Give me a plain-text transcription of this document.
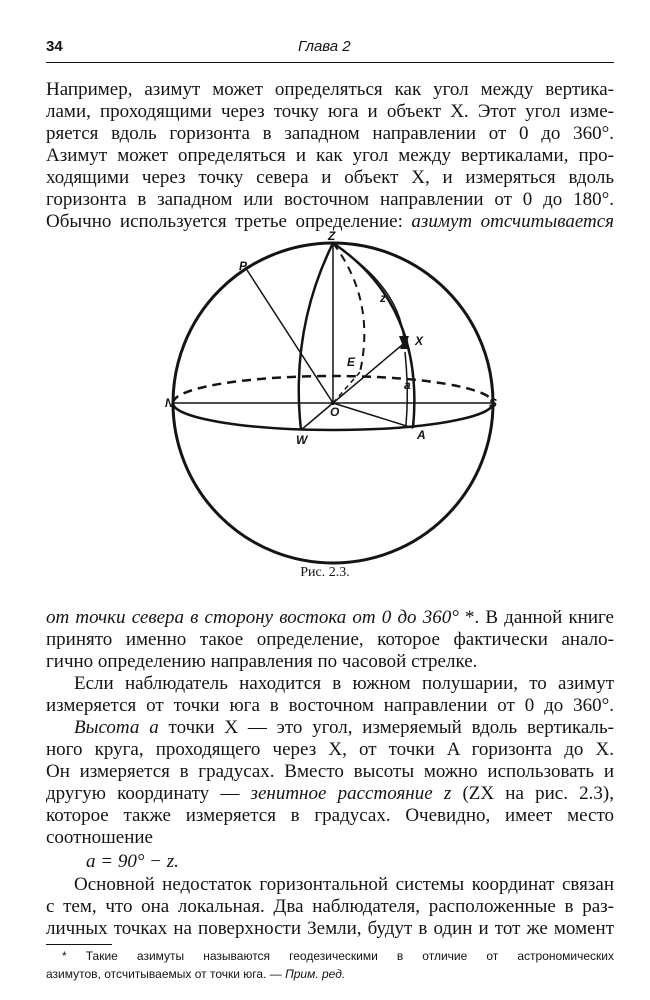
34	Глава 2
Например, азимут может определяться как угол между вертика-
лами, проходящими через точку юга и объект X. Этот угол изме-
ряется вдоль горизонта в западном направлении от 0 до 360°.
Азимут может определяться и как угол между вертикалами, про-
ходящими через точку севера и объект X, и измеряться вдоль
горизонта в западном или восточном направлении от 0 до 180°.
Обычно используется третье определение: азимут отсчитывается
Z
P
N	S
W
E
O
X
A
z
a
Рис. 2.3.
от точки севера в сторону востока от 0 до 360° *. В данной книге
принято именно такое определение, которое фактически анало-
гично определению направления по часовой стрелке.
Если наблюдатель находится в южном полушарии, то азимут
измеряется от точки юга в восточном направлении от 0 до 360°.
Высота a точки X — это угол, измеряемый вдоль вертикаль-
ного круга, проходящего через X, от точки A горизонта до X.
Он измеряется в градусах. Вместо высоты можно использовать и
другую координату — зенитное расстояние z (ZX на рис. 2.3),
которое также измеряется в градусах. Очевидно, имеет место
соотношение
a = 90° − z.
Основной недостаток горизонтальной системы координат связан
с тем, что она локальная. Два наблюдателя, расположенные в раз-
личных точках на поверхности Земли, будут в один и тот же момент
* Такие азимуты называются геодезическими в отличие от астрономических
азимутов, отсчитываемых от точки юга. — Прим. ред.
